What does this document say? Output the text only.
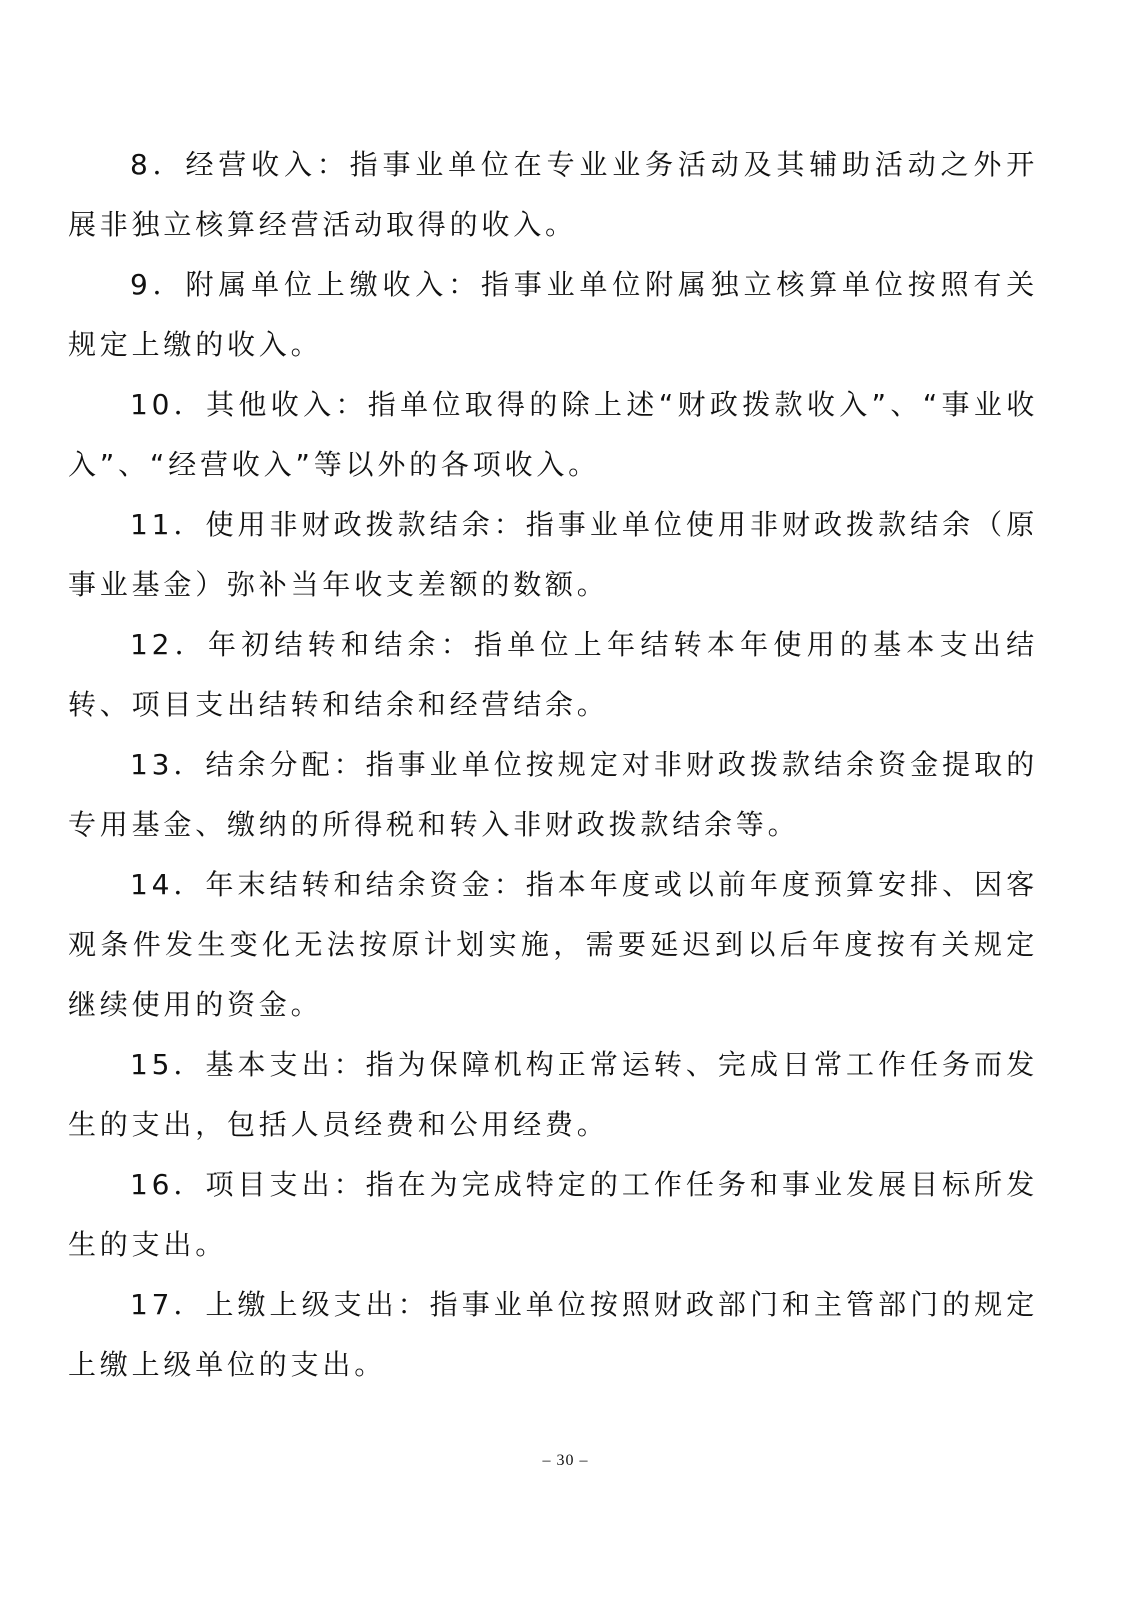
8．经营收入：指事业单位在专业业务活动及其辅助活动之外开展非独立核算经营活动取得的收入。

9．附属单位上缴收入：指事业单位附属独立核算单位按照有关规定上缴的收入。

10．其他收入：指单位取得的除上述“财政拨款收入”、“事业收入”、“经营收入”等以外的各项收入。

11．使用非财政拨款结余：指事业单位使用非财政拨款结余（原事业基金）弥补当年收支差额的数额。

12．年初结转和结余：指单位上年结转本年使用的基本支出结转、项目支出结转和结余和经营结余。

13．结余分配：指事业单位按规定对非财政拨款结余资金提取的专用基金、缴纳的所得税和转入非财政拨款结余等。

14．年末结转和结余资金：指本年度或以前年度预算安排、因客观条件发生变化无法按原计划实施，需要延迟到以后年度按有关规定继续使用的资金。

15．基本支出：指为保障机构正常运转、完成日常工作任务而发生的支出，包括人员经费和公用经费。

16．项目支出：指在为完成特定的工作任务和事业发展目标所发生的支出。

17．上缴上级支出：指事业单位按照财政部门和主管部门的规定上缴上级单位的支出。

– 30 –
